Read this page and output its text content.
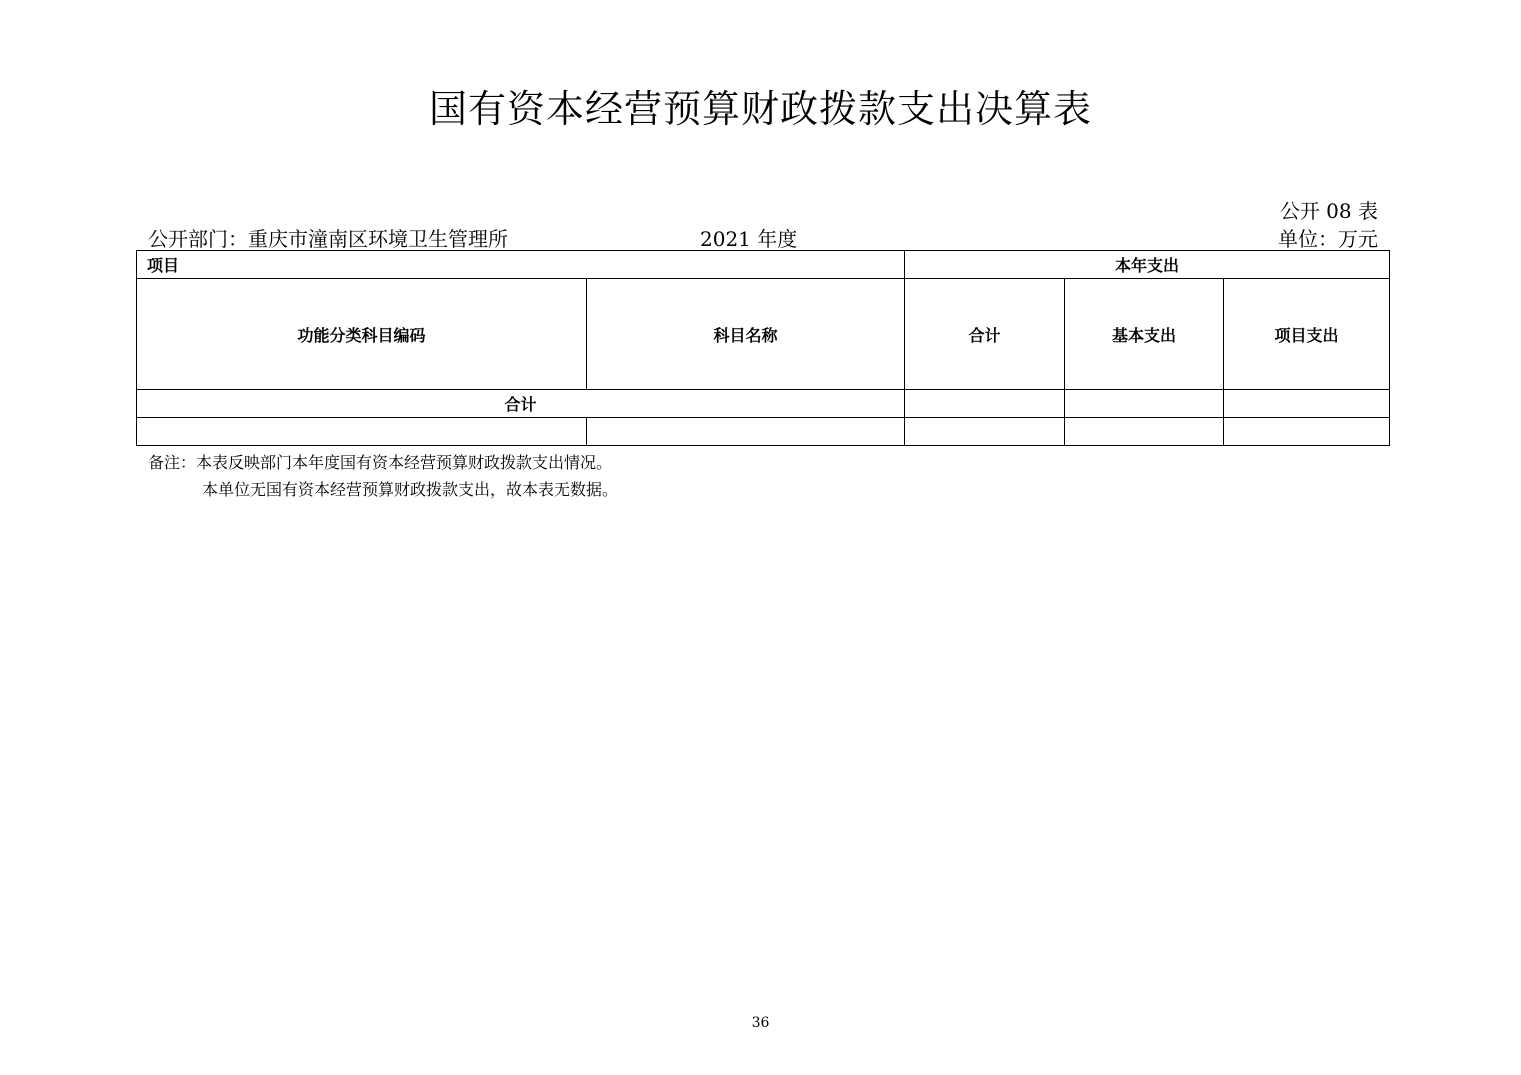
国有资本经营预算财政拨款支出决算表
公开 08 表
公开部门：重庆市潼南区环境卫生管理所	2021 年度	单位：万元
项目		本年支出		
功能分类科目编码	科目名称	合计	基本支出	项目支出
合计				

备注：本表反映部门本年度国有资本经营预算财政拨款支出情况。
本单位无国有资本经营预算财政拨款支出，故本表无数据。
36
